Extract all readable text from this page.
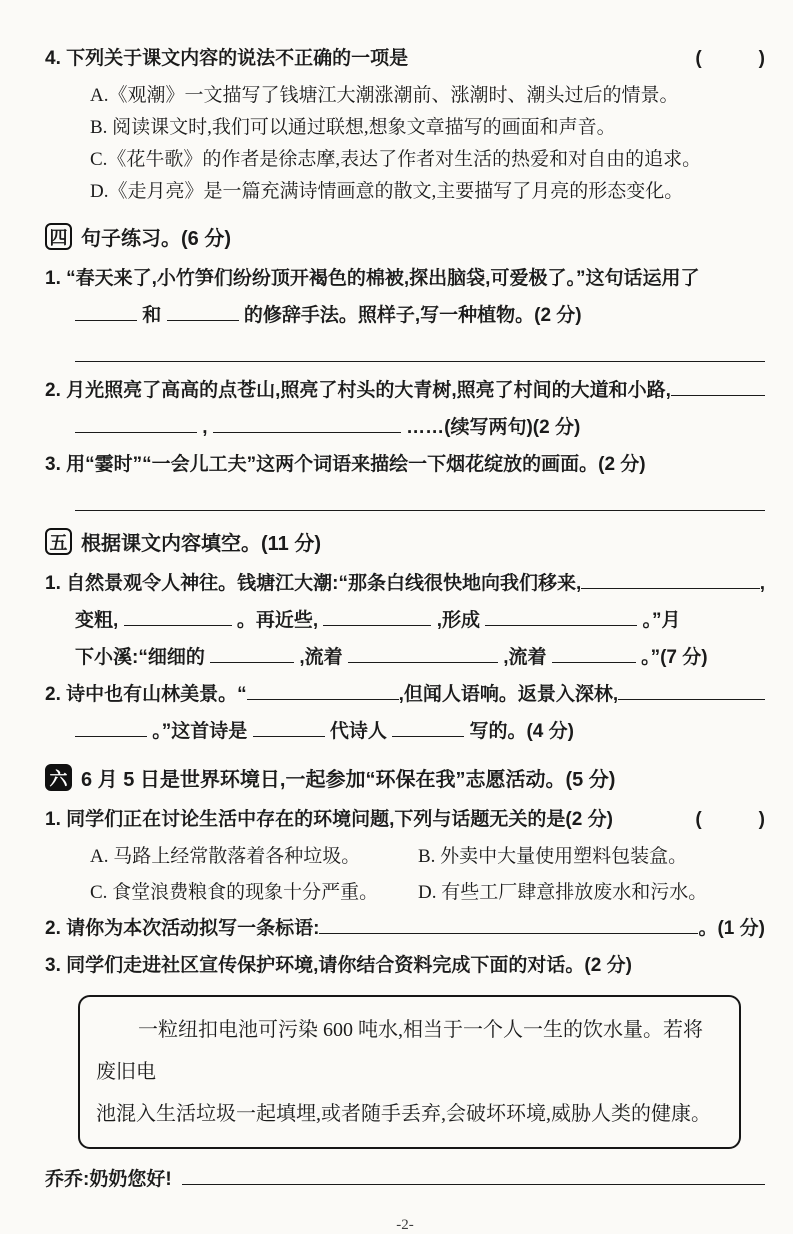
4. 下列关于课文内容的说法不正确的一项是	(　　　)
A.《观潮》一文描写了钱塘江大潮涨潮前、涨潮时、潮头过后的情景。
B. 阅读课文时,我们可以通过联想,想象文章描写的画面和声音。
C.《花牛歌》的作者是徐志摩,表达了作者对生活的热爱和对自由的追求。
D.《走月亮》是一篇充满诗情画意的散文,主要描写了月亮的形态变化。
四 句子练习。(6 分)
1. “春天来了,小竹笋们纷纷顶开褐色的棉被,探出脑袋,可爱极了。”这句话运用了
和	的修辞手法。照样子,写一种植物。(2 分)
2. 月光照亮了高高的点苍山,照亮了村头的大青树,照亮了村间的大道和小路,
,	……(续写两句)(2 分)
3. 用“霎时”“一会儿工夫”这两个词语来描绘一下烟花绽放的画面。(2 分)
五 根据课文内容填空。(11 分)
1. 自然景观令人神往。钱塘江大潮:“那条白线很快地向我们移来,	,
变粗,	。再近些,	,形成	。”月
下小溪:“细细的	,流着	,流着	。”(7 分)
2. 诗中也有山林美景。“	,但闻人语响。返景入深林,
。”这首诗是	代诗人	写的。(4 分)
六 6 月 5 日是世界环境日,一起参加“环保在我”志愿活动。(5 分)
1. 同学们正在讨论生活中存在的环境问题,下列与话题无关的是(2 分)	(　　　)
A. 马路上经常散落着各种垃圾。	B. 外卖中大量使用塑料包装盒。
C. 食堂浪费粮食的现象十分严重。	D. 有些工厂肆意排放废水和污水。
2. 请你为本次活动拟写一条标语:	。(1 分)
3. 同学们走进社区宣传保护环境,请你结合资料完成下面的对话。(2 分)
一粒纽扣电池可污染 600 吨水,相当于一个人一生的饮水量。若将废旧电
池混入生活垃圾一起填埋,或者随手丢弃,会破坏环境,威胁人类的健康。
乔乔:奶奶您好!
-2-
